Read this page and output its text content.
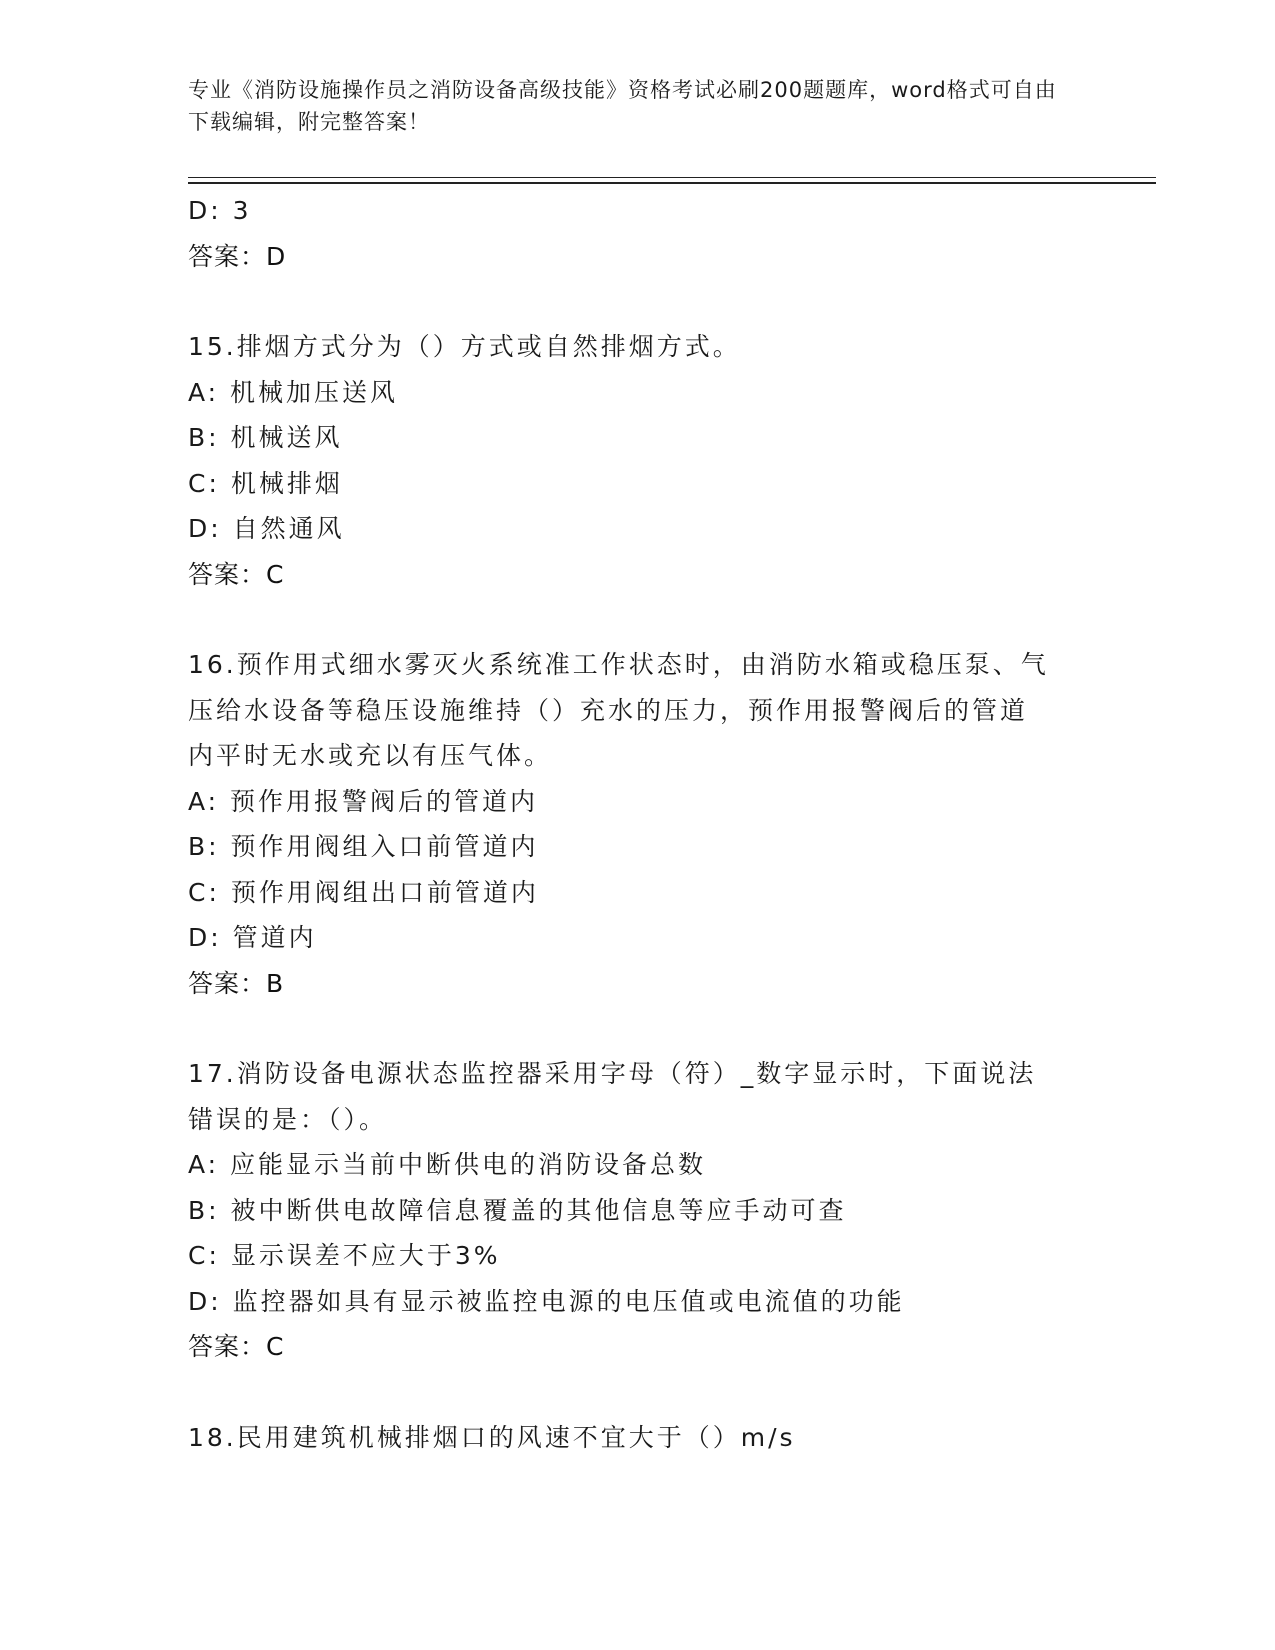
专业《消防设施操作员之消防设备高级技能》资格考试必刷200题题库，word格式可自由下载编辑，附完整答案！
D: 3
答案：D
15.排烟方式分为（）方式或自然排烟方式。
A: 机械加压送风
B: 机械送风
C: 机械排烟
D: 自然通风
答案：C
16.预作用式细水雾灭火系统准工作状态时，由消防水箱或稳压泵、气
压给水设备等稳压设施维持（）充水的压力，预作用报警阀后的管道
内平时无水或充以有压气体。
A: 预作用报警阀后的管道内
B: 预作用阀组入口前管道内
C: 预作用阀组出口前管道内
D: 管道内
答案：B
17.消防设备电源状态监控器采用字母（符）_数字显示时，下面说法
错误的是：（）。
A: 应能显示当前中断供电的消防设备总数
B: 被中断供电故障信息覆盖的其他信息等应手动可查
C: 显示误差不应大于3%
D: 监控器如具有显示被监控电源的电压值或电流值的功能
答案：C
18.民用建筑机械排烟口的风速不宜大于（）m/s
